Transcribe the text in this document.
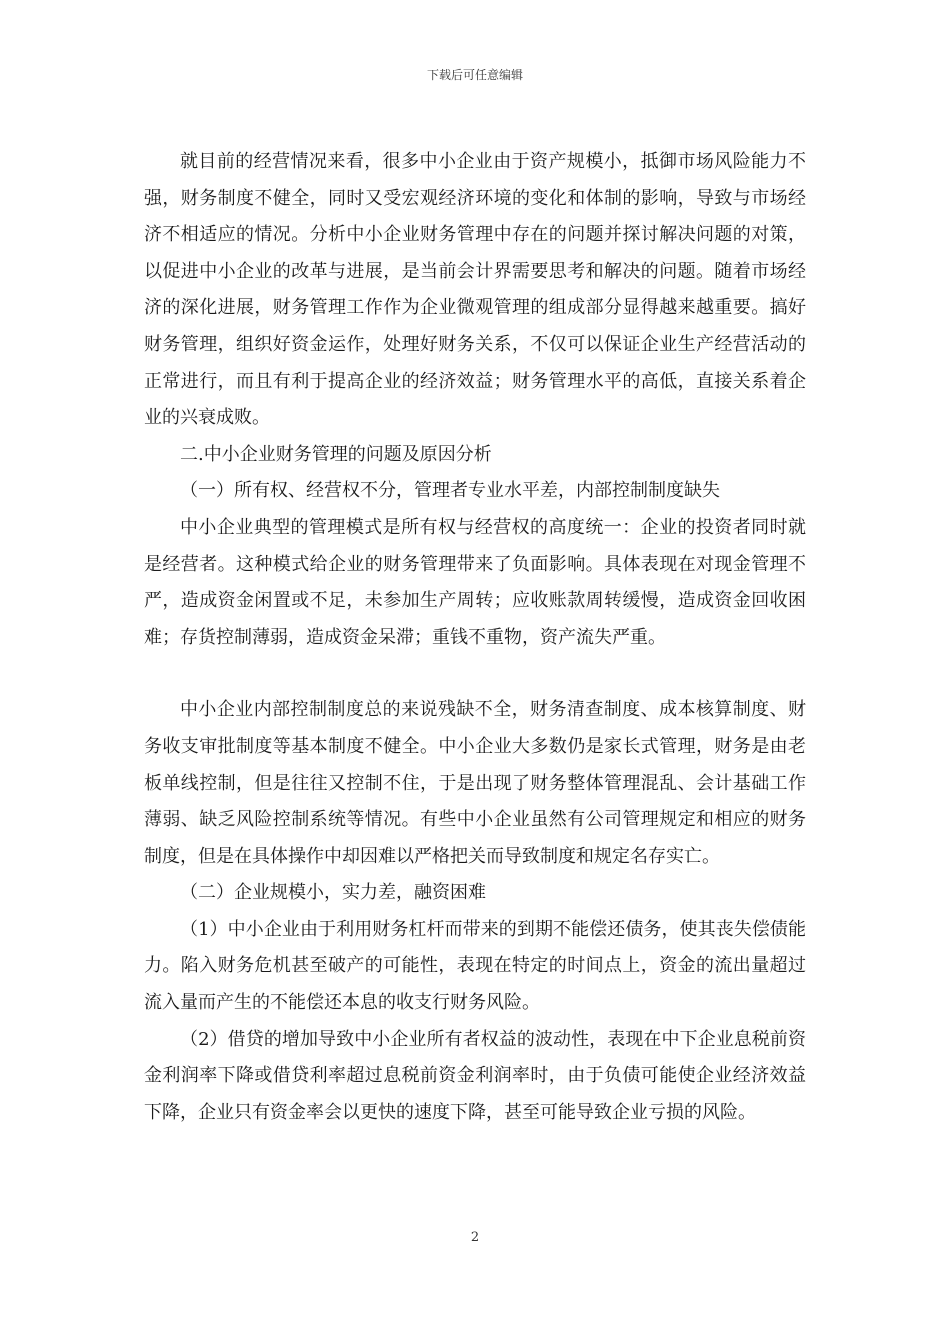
下载后可任意编辑

就目前的经营情况来看，很多中小企业由于资产规模小，抵御市场风险能力不强，财务制度不健全，同时又受宏观经济环境的变化和体制的影响，导致与市场经济不相适应的情况。分析中小企业财务管理中存在的问题并探讨解决问题的对策，以促进中小企业的改革与进展，是当前会计界需要思考和解决的问题。随着市场经济的深化进展，财务管理工作作为企业微观管理的组成部分显得越来越重要。搞好财务管理，组织好资金运作，处理好财务关系，不仅可以保证企业生产经营活动的正常进行，而且有利于提高企业的经济效益；财务管理水平的高低，直接关系着企业的兴衰成败。

二.中小企业财务管理的问题及原因分析

（一）所有权、经营权不分，管理者专业水平差，内部控制制度缺失

中小企业典型的管理模式是所有权与经营权的高度统一：企业的投资者同时就是经营者。这种模式给企业的财务管理带来了负面影响。具体表现在对现金管理不严，造成资金闲置或不足，未参加生产周转；应收账款周转缓慢，造成资金回收困难；存货控制薄弱，造成资金呆滞；重钱不重物，资产流失严重。

中小企业内部控制制度总的来说残缺不全，财务清查制度、成本核算制度、财务收支审批制度等基本制度不健全。中小企业大多数仍是家长式管理，财务是由老板单线控制，但是往往又控制不住，于是出现了财务整体管理混乱、会计基础工作薄弱、缺乏风险控制系统等情况。有些中小企业虽然有公司管理规定和相应的财务制度，但是在具体操作中却因难以严格把关而导致制度和规定名存实亡。

（二）企业规模小，实力差，融资困难

（1）中小企业由于利用财务杠杆而带来的到期不能偿还债务，使其丧失偿债能力。陷入财务危机甚至破产的可能性，表现在特定的时间点上，资金的流出量超过流入量而产生的不能偿还本息的收支行财务风险。

（2）借贷的增加导致中小企业所有者权益的波动性，表现在中下企业息税前资金利润率下降或借贷利率超过息税前资金利润率时，由于负债可能使企业经济效益下降，企业只有资金率会以更快的速度下降，甚至可能导致企业亏损的风险。

2
